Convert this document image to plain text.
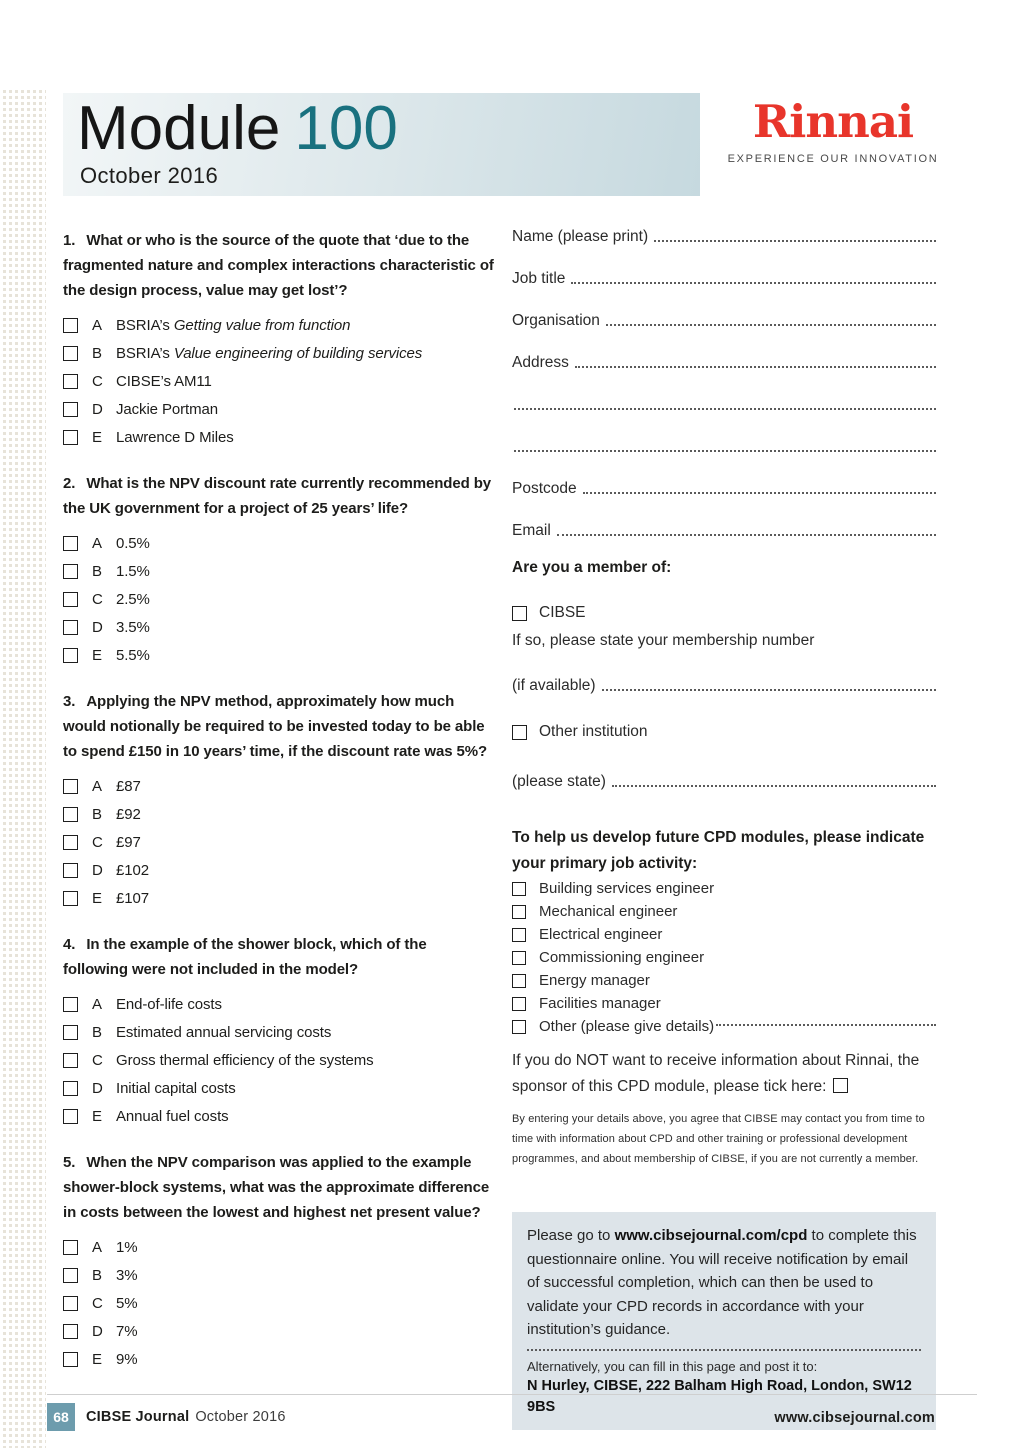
Module 100
October 2016
Rinnai
EXPERIENCE OUR INNOVATION
1. What or who is the source of the quote that ‘due to the fragmented nature and complex interactions characteristic of the design process, value may get lost’?
A BSRIA’s Getting value from function
B BSRIA’s Value engineering of building services
C CIBSE’s AM11
D Jackie Portman
E Lawrence D Miles
2. What is the NPV discount rate currently recommended by the UK government for a project of 25 years’ life?
A 0.5%
B 1.5%
C 2.5%
D 3.5%
E 5.5%
3. Applying the NPV method, approximately how much would notionally be required to be invested today to be able to spend £150 in 10 years’ time, if the discount rate was 5%?
A £87
B £92
C £97
D £102
E £107
4. In the example of the shower block, which of the following were not included in the model?
A End-of-life costs
B Estimated annual servicing costs
C Gross thermal efficiency of the systems
D Initial capital costs
E Annual fuel costs
5. When the NPV comparison was applied to the example shower-block systems, what was the approximate difference in costs between the lowest and highest net present value?
A 1%
B 3%
C 5%
D 7%
E 9%
Name (please print)
Job title
Organisation
Address
Postcode
Email
Are you a member of:
CIBSE
If so, please state your membership number
(if available)
Other institution
(please state)
To help us develop future CPD modules, please indicate your primary job activity:
Building services engineer
Mechanical engineer
Electrical engineer
Commissioning engineer
Energy manager
Facilities manager
Other (please give details)
If you do NOT want to receive information about Rinnai, the sponsor of this CPD module, please tick here:
By entering your details above, you agree that CIBSE may contact you from time to time with information about CPD and other training or professional development programmes, and about membership of CIBSE, if you are not currently a member.
Please go to www.cibsejournal.com/cpd to complete this questionnaire online. You will receive notification by email of successful completion, which can then be used to validate your CPD records in accordance with your institution’s guidance.
Alternatively, you can fill in this page and post it to:
N Hurley, CIBSE, 222 Balham High Road, London, SW12 9BS
68	CIBSE Journal October 2016	www.cibsejournal.com
